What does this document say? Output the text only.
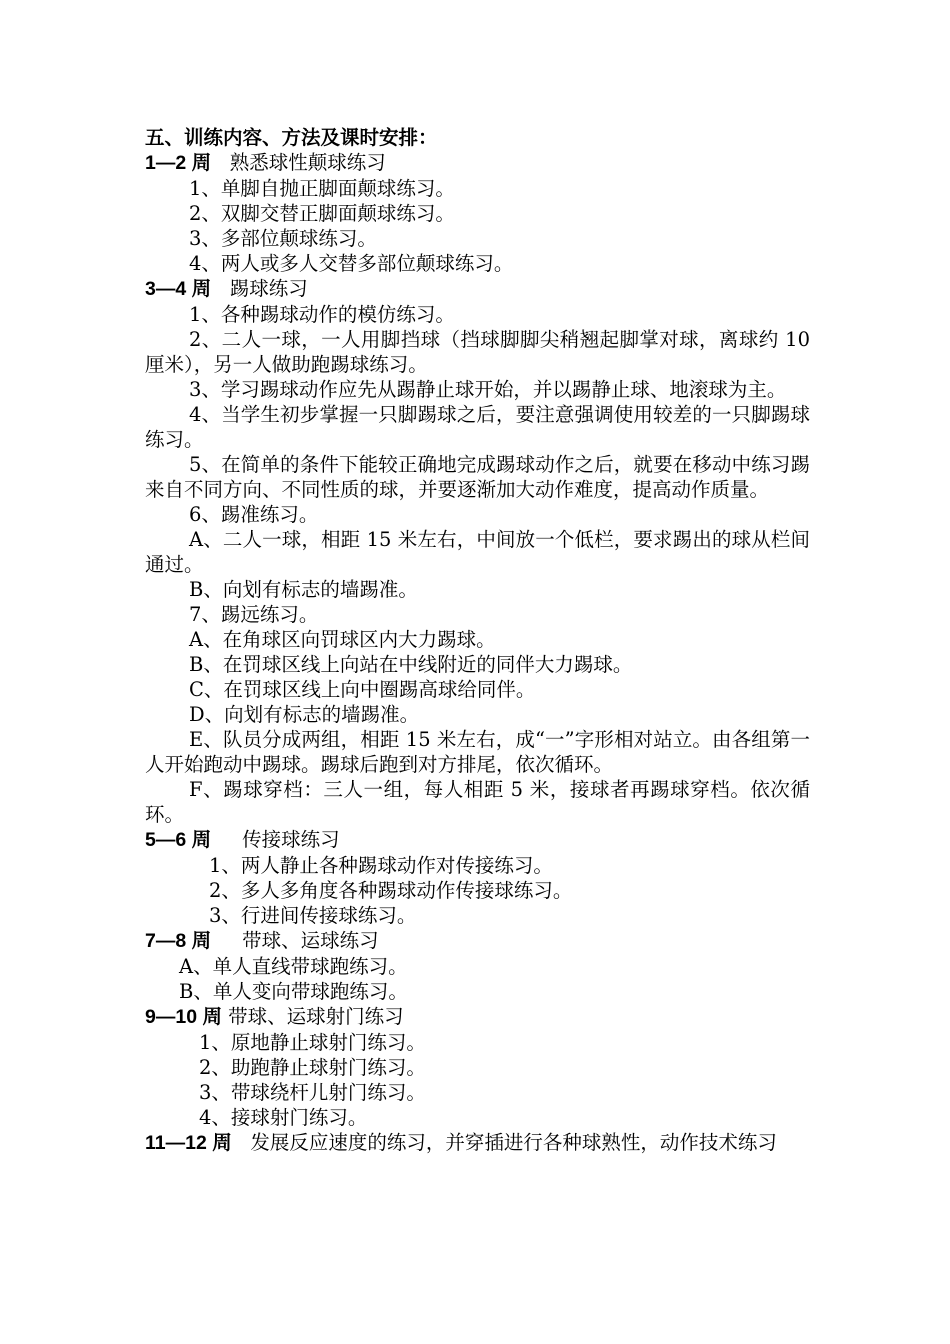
五、训练内容、方法及课时安排：
1—2 周 熟悉球性颠球练习
1、单脚自抛正脚面颠球练习。
2、双脚交替正脚面颠球练习。
3、多部位颠球练习。
4、两人或多人交替多部位颠球练习。
3—4 周 踢球练习
1、各种踢球动作的模仿练习。
2、二人一球，一人用脚挡球（挡球脚脚尖稍翘起脚掌对球，离球约 10 厘米），另一人做助跑踢球练习。
3、学习踢球动作应先从踢静止球开始，并以踢静止球、地滚球为主。
4、当学生初步掌握一只脚踢球之后，要注意强调使用较差的一只脚踢球练习。
5、在简单的条件下能较正确地完成踢球动作之后，就要在移动中练习踢来自不同方向、不同性质的球，并要逐渐加大动作难度，提高动作质量。
6、踢准练习。
A、二人一球，相距 15 米左右，中间放一个低栏，要求踢出的球从栏间通过。
B、向划有标志的墙踢准。
7、踢远练习。
A、在角球区向罚球区内大力踢球。
B、在罚球区线上向站在中线附近的同伴大力踢球。
C、在罚球区线上向中圈踢高球给同伴。
D、向划有标志的墙踢准。
E、队员分成两组，相距 15 米左右，成“一”字形相对站立。由各组第一人开始跑动中踢球。踢球后跑到对方排尾，依次循环。
F、踢球穿档：三人一组，每人相距 5 米，接球者再踢球穿档。依次循环。
5—6 周 传接球练习
1、两人静止各种踢球动作对传接练习。
2、多人多角度各种踢球动作传接球练习。
3、行进间传接球练习。
7—8 周 带球、运球练习
A、单人直线带球跑练习。
B、单人变向带球跑练习。
9—10 周 带球、运球射门练习
1、原地静止球射门练习。
2、助跑静止球射门练习。
3、带球绕杆儿射门练习。
4、接球射门练习。
11—12 周 发展反应速度的练习，并穿插进行各种球熟性，动作技术练习
